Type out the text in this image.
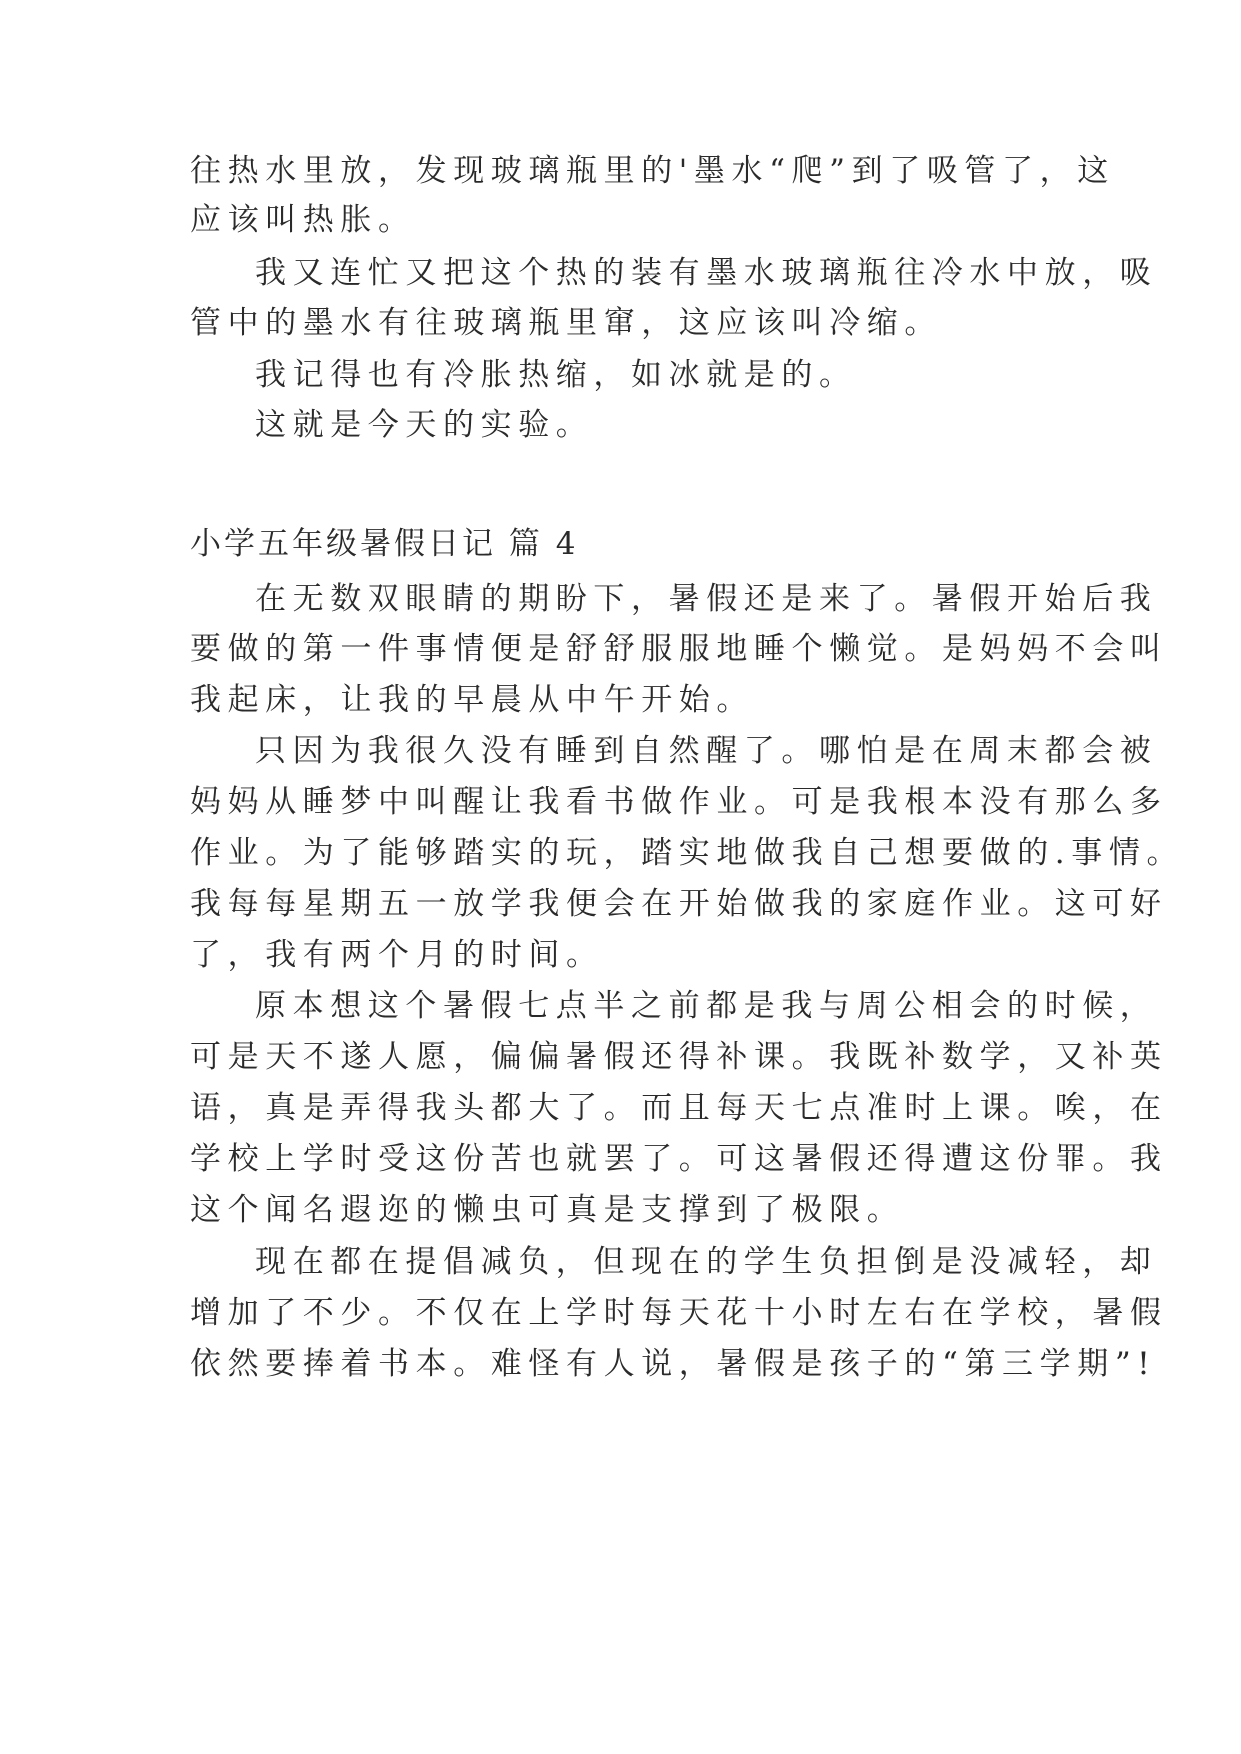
往热水里放，发现玻璃瓶里的'墨水“爬”到了吸管了，这
应该叫热胀。
我又连忙又把这个热的装有墨水玻璃瓶往冷水中放，吸
管中的墨水有往玻璃瓶里窜，这应该叫冷缩。
我记得也有冷胀热缩，如冰就是的。
这就是今天的实验。
小学五年级暑假日记 篇 4
在无数双眼睛的期盼下，暑假还是来了。暑假开始后我
要做的第一件事情便是舒舒服服地睡个懒觉。是妈妈不会叫
我起床，让我的早晨从中午开始。
只因为我很久没有睡到自然醒了。哪怕是在周末都会被
妈妈从睡梦中叫醒让我看书做作业。可是我根本没有那么多
作业。为了能够踏实的玩，踏实地做我自己想要做的.事情。
我每每星期五一放学我便会在开始做我的家庭作业。这可好
了，我有两个月的时间。
原本想这个暑假七点半之前都是我与周公相会的时候，
可是天不遂人愿，偏偏暑假还得补课。我既补数学，又补英
语，真是弄得我头都大了。而且每天七点准时上课。唉，在
学校上学时受这份苦也就罢了。可这暑假还得遭这份罪。我
这个闻名遐迩的懒虫可真是支撑到了极限。
现在都在提倡减负，但现在的学生负担倒是没减轻，却
增加了不少。不仅在上学时每天花十小时左右在学校，暑假
依然要捧着书本。难怪有人说，暑假是孩子的“第三学期”!
